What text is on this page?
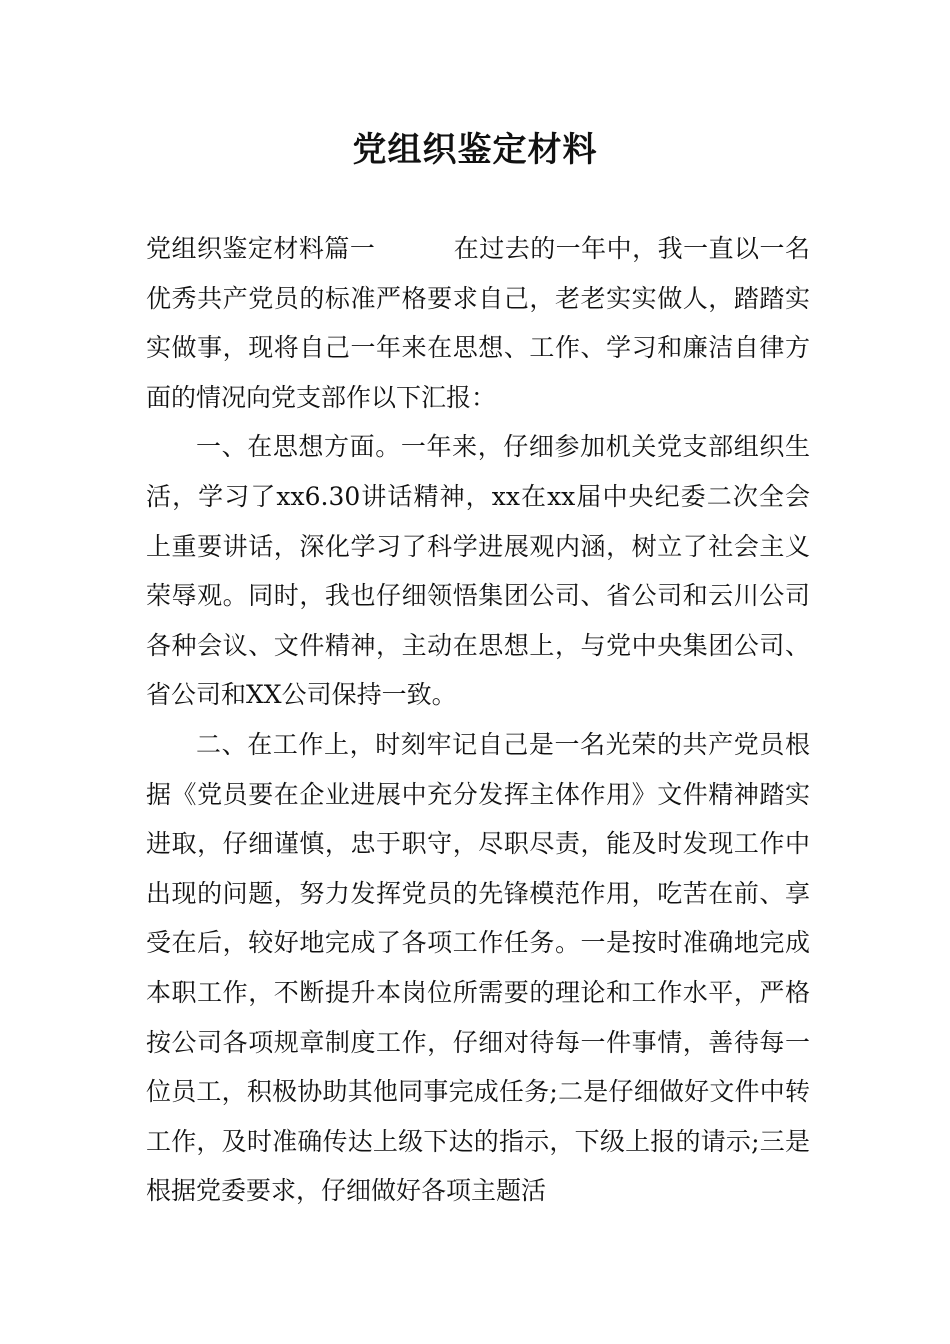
党组织鉴定材料

党组织鉴定材料篇一	在过去的一年中，我一直以一名优秀共产党员的标准严格要求自己，老老实实做人，踏踏实实做事，现将自己一年来在思想、工作、学习和廉洁自律方面的情况向党支部作以下汇报：

一、在思想方面。一年来，仔细参加机关党支部组织生活，学习了xx6.30讲话精神，xx在xx届中央纪委二次全会上重要讲话，深化学习了科学进展观内涵，树立了社会主义荣辱观。同时，我也仔细领悟集团公司、省公司和云川公司各种会议、文件精神，主动在思想上，与党中央集团公司、省公司和XX公司保持一致。

二、在工作上，时刻牢记自己是一名光荣的共产党员根据《党员要在企业进展中充分发挥主体作用》文件精神踏实进取，仔细谨慎，忠于职守，尽职尽责，能及时发现工作中出现的问题，努力发挥党员的先锋模范作用，吃苦在前、享受在后，较好地完成了各项工作任务。一是按时准确地完成本职工作，不断提升本岗位所需要的理论和工作水平，严格按公司各项规章制度工作，仔细对待每一件事情，善待每一位员工，积极协助其他同事完成任务;二是仔细做好文件中转工作，及时准确传达上级下达的指示，下级上报的请示;三是根据党委要求，仔细做好各项主题活
